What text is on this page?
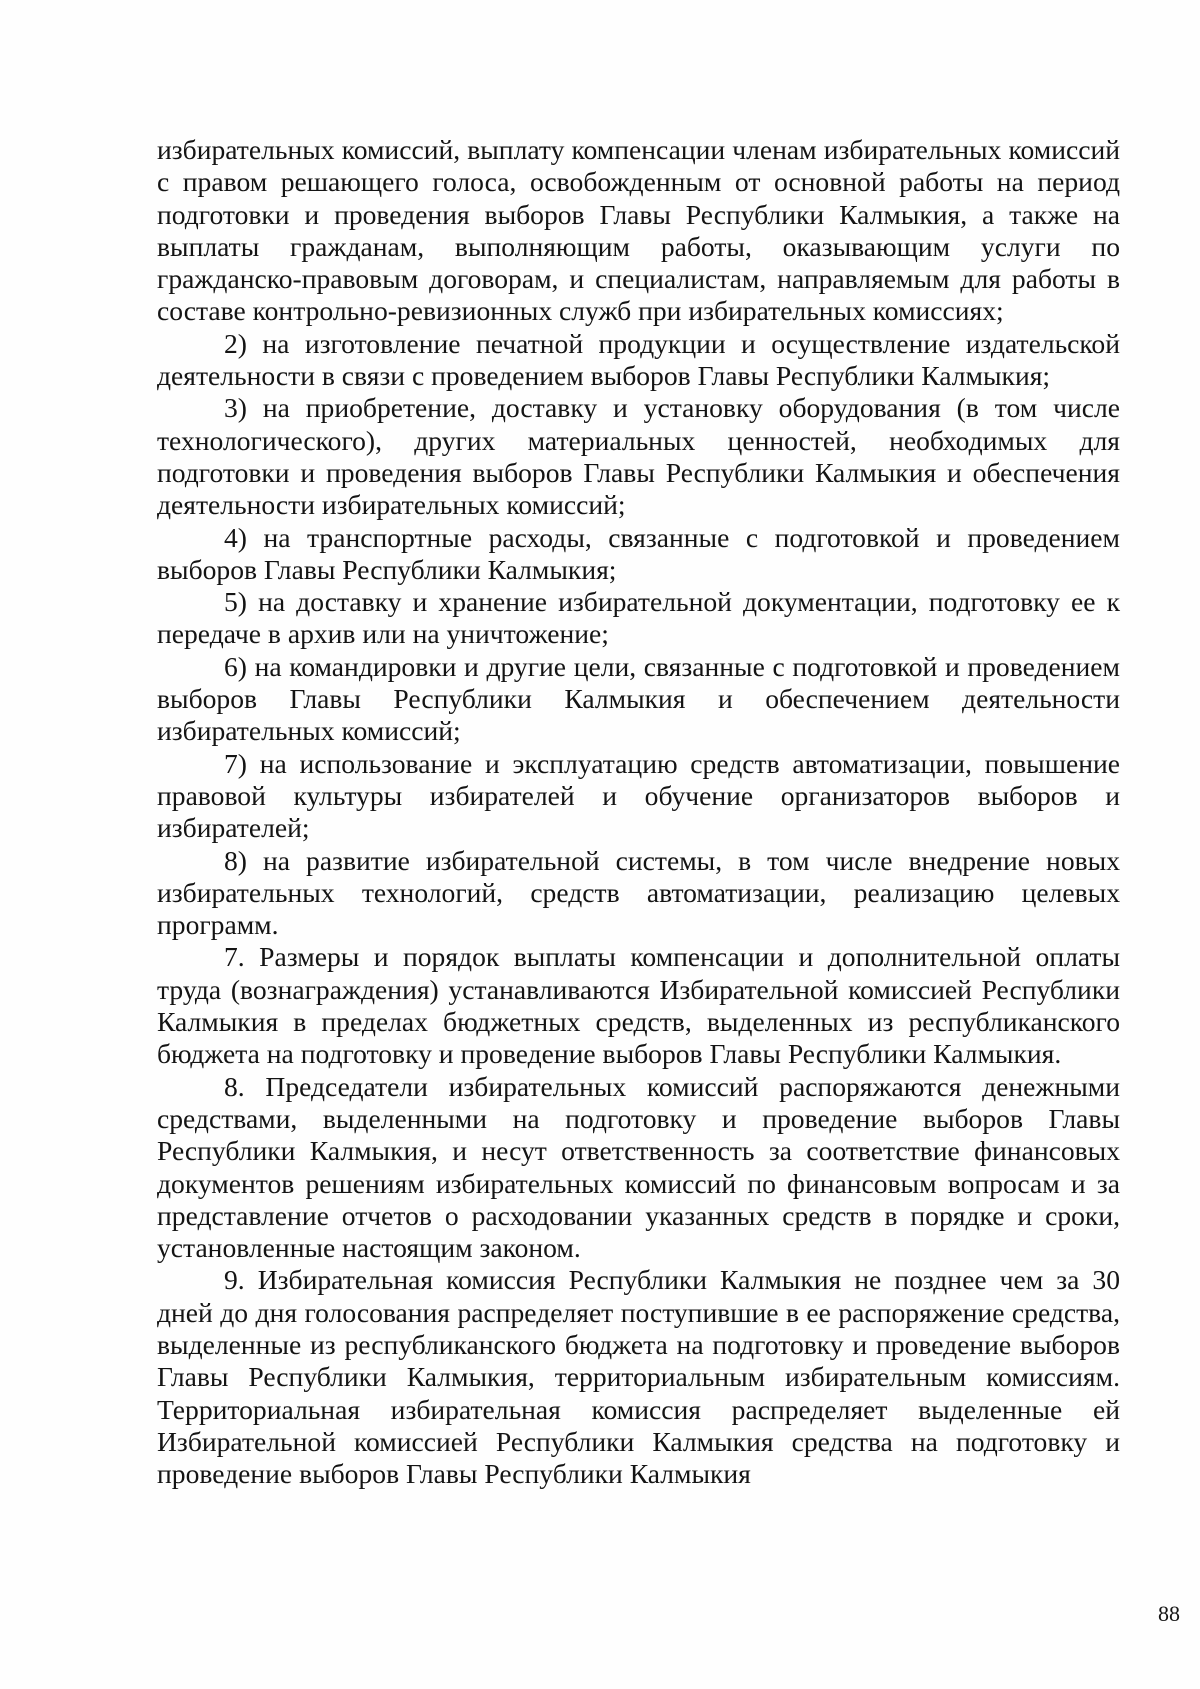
избирательных комиссий, выплату компенсации членам избирательных комиссий с правом решающего голоса, освобожденным от основной работы на период подготовки и проведения выборов Главы Республики Калмыкия, а также на выплаты гражданам, выполняющим работы, оказывающим услуги по гражданско-правовым договорам, и специалистам, направляемым для работы в составе контрольно-ревизионных служб при избирательных комиссиях;

2) на изготовление печатной продукции и осуществление издательской деятельности в связи с проведением выборов Главы Республики Калмыкия;

3) на приобретение, доставку и установку оборудования (в том числе технологического), других материальных ценностей, необходимых для подготовки и проведения выборов Главы Республики Калмыкия и обеспечения деятельности избирательных комиссий;

4) на транспортные расходы, связанные с подготовкой и проведением выборов Главы Республики Калмыкия;

5) на доставку и хранение избирательной документации, подготовку ее к передаче в архив или на уничтожение;

6) на командировки и другие цели, связанные с подготовкой и проведением выборов Главы Республики Калмыкия и обеспечением деятельности избирательных комиссий;

7) на использование и эксплуатацию средств автоматизации, повышение правовой культуры избирателей и обучение организаторов выборов и избирателей;

8) на развитие избирательной системы, в том числе внедрение новых избирательных технологий, средств автоматизации, реализацию целевых программ.

7. Размеры и порядок выплаты компенсации и дополнительной оплаты труда (вознаграждения) устанавливаются Избирательной комиссией Республики Калмыкия в пределах бюджетных средств, выделенных из республиканского бюджета на подготовку и проведение выборов Главы Республики Калмыкия.

8. Председатели избирательных комиссий распоряжаются денежными средствами, выделенными на подготовку и проведение выборов Главы Республики Калмыкия, и несут ответственность за соответствие финансовых документов решениям избирательных комиссий по финансовым вопросам и за представление отчетов о расходовании указанных средств в порядке и сроки, установленные настоящим законом.

9. Избирательная комиссия Республики Калмыкия не позднее чем за 30 дней до дня голосования распределяет поступившие в ее распоряжение средства, выделенные из республиканского бюджета на подготовку и проведение выборов Главы Республики Калмыкия, территориальным избирательным комиссиям. Территориальная избирательная комиссия распределяет выделенные ей Избирательной комиссией Республики Калмыкия средства на подготовку и проведение выборов Главы Республики Калмыкия

88
